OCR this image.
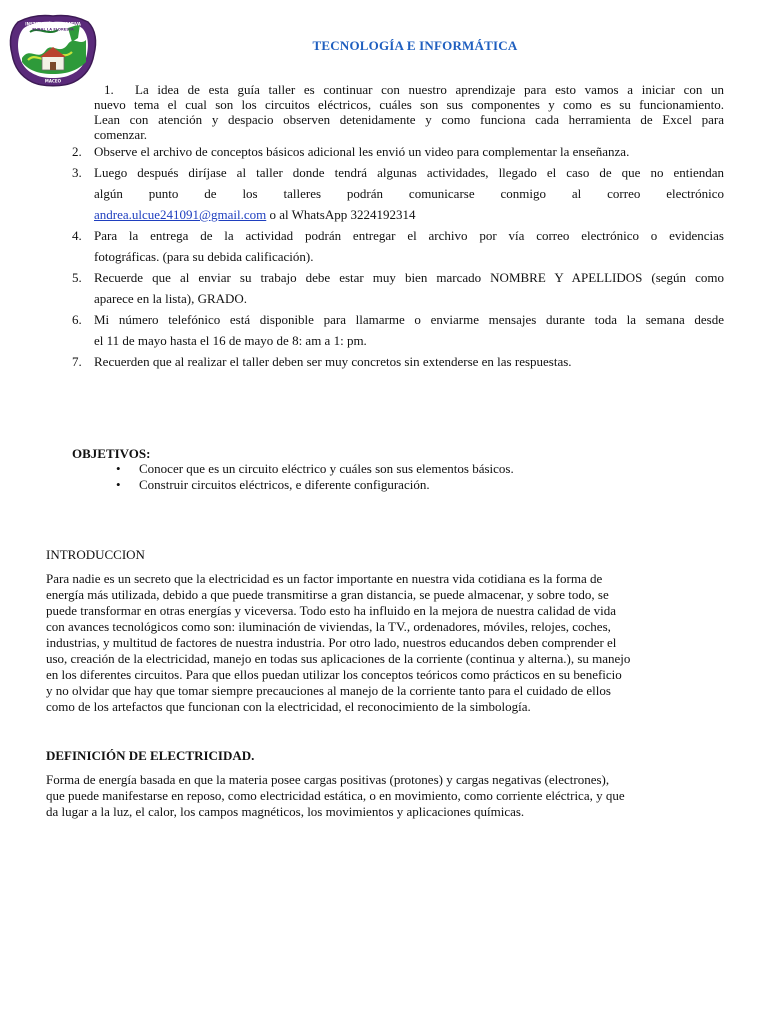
INSTITUCIÓN EDUCATIVA
RURAL LA FLORESTA
MACEO
TECNOLOGÍA E INFORMÁTICA
1.	La idea de esta guía taller es continuar con nuestro aprendizaje para esto vamos a iniciar con un
nuevo tema el cual son los circuitos eléctricos, cuáles son sus componentes y como es su funcionamiento.
Lean con atención y despacio observen detenidamente y como funciona cada herramienta de Excel para
comenzar.
2. Observe el archivo de conceptos básicos adicional les envió un video para complementar la enseñanza.
3. Luego después diríjase al taller donde tendrá algunas actividades, llegado el caso de que no entiendan
algún punto de los talleres podrán comunicarse conmigo al correo electrónico
andrea.ulcue241091@gmail.com o al WhatsApp 3224192314
4. Para la entrega de la actividad podrán entregar el archivo por vía correo electrónico o evidencias
fotográficas. (para su debida calificación).
5. Recuerde que al enviar su trabajo debe estar muy bien marcado NOMBRE Y APELLIDOS (según como
aparece en la lista), GRADO.
6. Mi número telefónico está disponible para llamarme o enviarme mensajes durante toda la semana desde
el 11 de mayo hasta el 16 de mayo de 8: am a 1: pm.
7. Recuerden que al realizar el taller deben ser muy concretos sin extenderse en las respuestas.
OBJETIVOS:
• Conocer que es un circuito eléctrico y cuáles son sus elementos básicos.
• Construir circuitos eléctricos, e diferente configuración.
INTRODUCCION
Para nadie es un secreto que la electricidad es un factor importante en nuestra vida cotidiana es la forma de
energía más utilizada, debido a que puede transmitirse a gran distancia, se puede almacenar, y sobre todo, se
puede transformar en otras energías y viceversa. Todo esto ha influido en la mejora de nuestra calidad de vida
con avances tecnológicos como son: iluminación de viviendas, la TV., ordenadores, móviles, relojes, coches,
industrias, y multitud de factores de nuestra industria. Por otro lado, nuestros educandos deben comprender el
uso, creación de la electricidad, manejo en todas sus aplicaciones de la corriente (continua y alterna.), su manejo
en los diferentes circuitos. Para que ellos puedan utilizar los conceptos teóricos como prácticos en su beneficio
y no olvidar que hay que tomar siempre precauciones al manejo de la corriente tanto para el cuidado de ellos
como de los artefactos que funcionan con la electricidad, el reconocimiento de la simbología.
DEFINICIÓN DE ELECTRICIDAD.
Forma de energía basada en que la materia posee cargas positivas (protones) y cargas negativas (electrones),
que puede manifestarse en reposo, como electricidad estática, o en movimiento, como corriente eléctrica, y que
da lugar a la luz, el calor, los campos magnéticos, los movimientos y aplicaciones químicas.
